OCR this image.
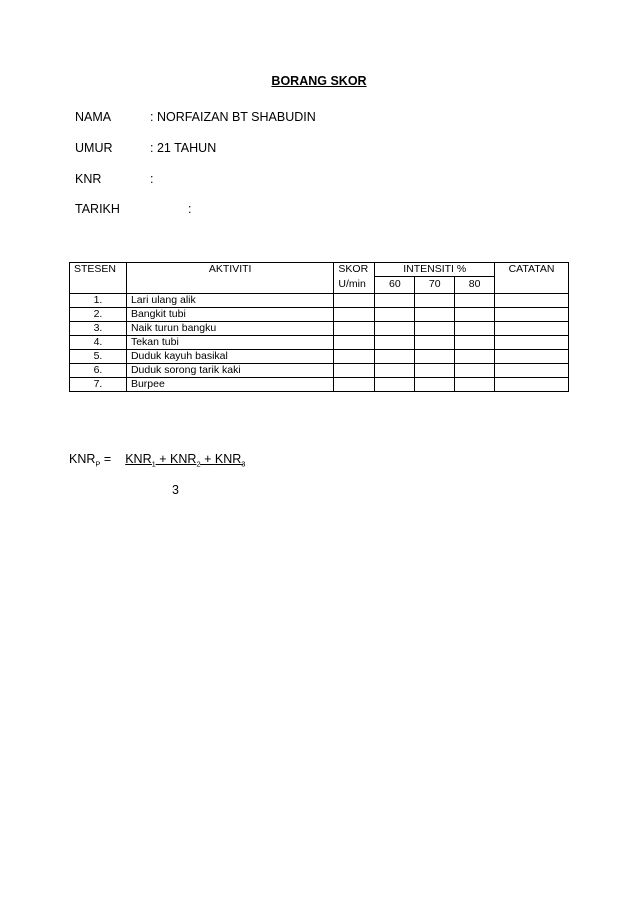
BORANG SKOR
NAMA	: NORFAIZAN BT SHABUDIN
UMUR	: 21 TAHUN
KNR	:
TARIKH	:
STESEN	AKTIVITI	SKOR	INTENSITI %			CATATAN
		U/min	60	70	80	
1.	Lari ulang alik					
2.	Bangkit tubi					
3.	Naik turun bangku					
4.	Tekan tubi					
5.	Duduk kayuh basikal					
6.	Duduk sorong tarik kaki					
7.	Burpee					
$KNR_P = KNR_1 + KNR_2 + KNR_3$
3
